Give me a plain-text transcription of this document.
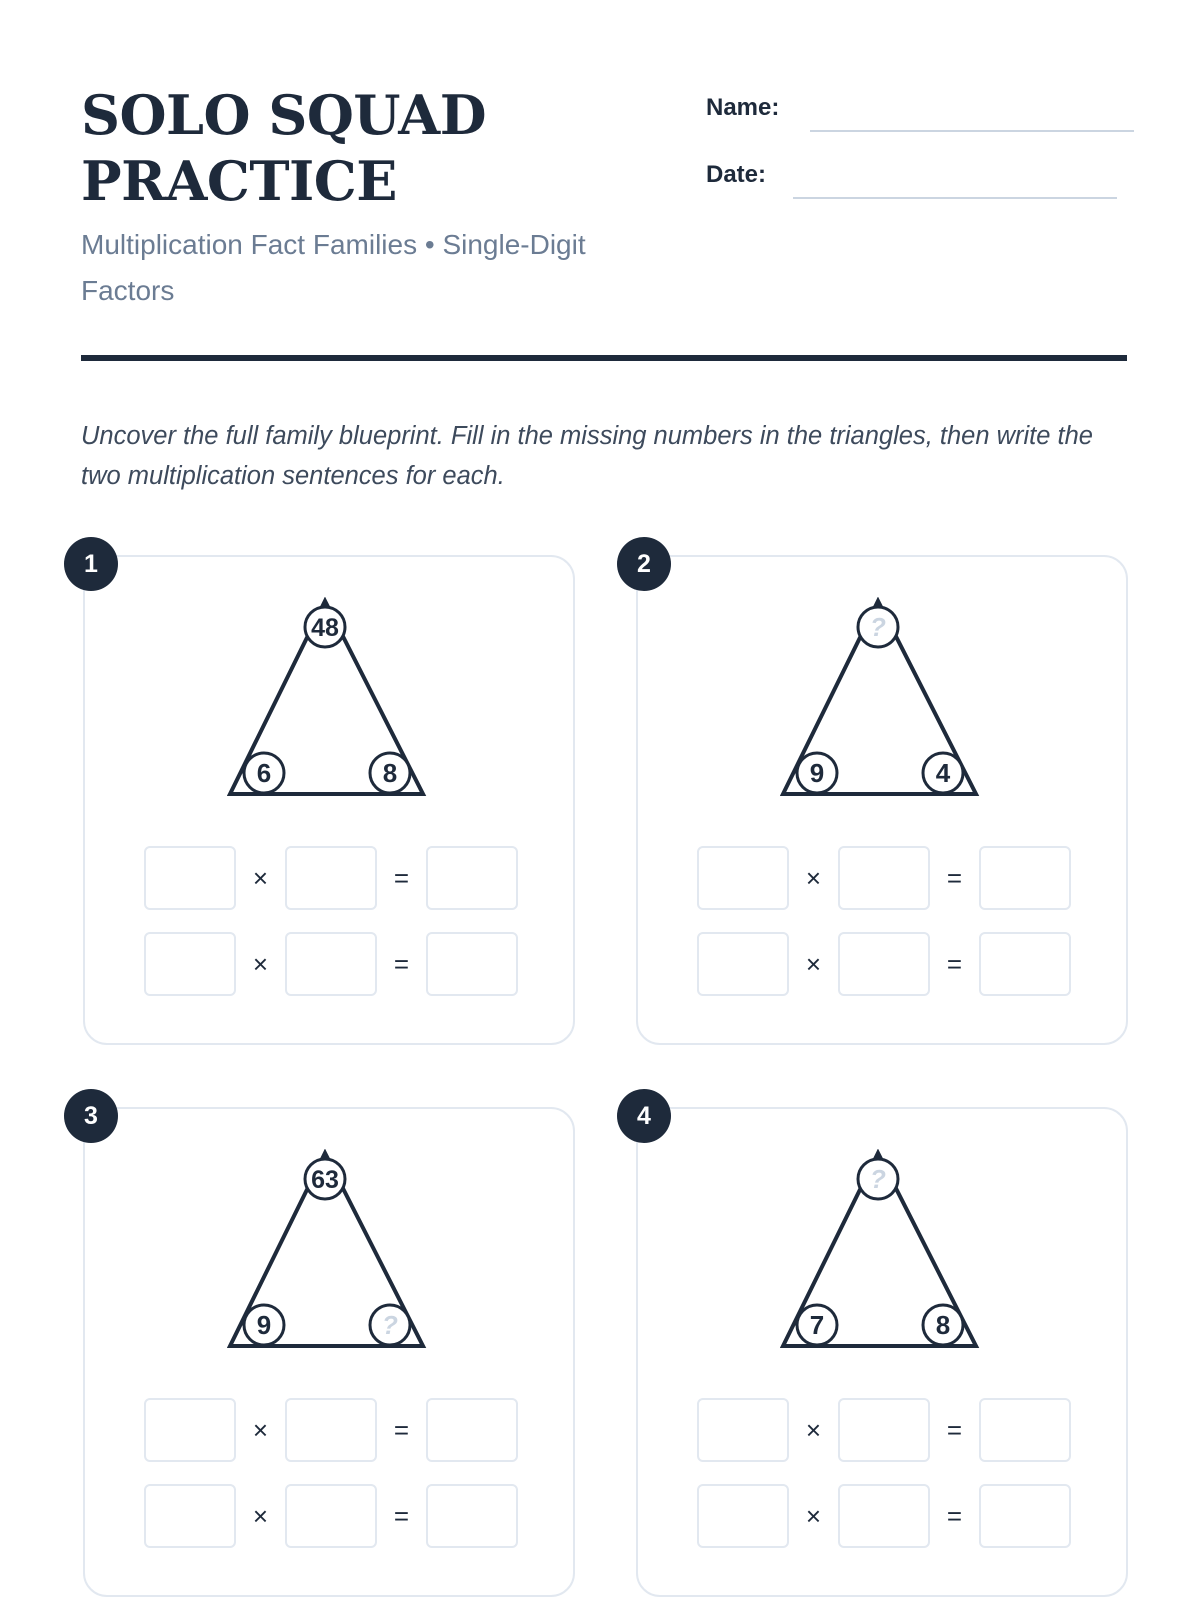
SOLO SQUAD
PRACTICE
Multiplication Fact Families • Single-Digit Factors
Name:
Date:
Uncover the full family blueprint. Fill in the missing numbers in the triangles, then write the two multiplication sentences for each.
1
48
6	8
×	=
×	=
2
?
9	4
×	=
×	=
3
63
9	?
×	=
×	=
4
?
7	8
×	=
×	=
